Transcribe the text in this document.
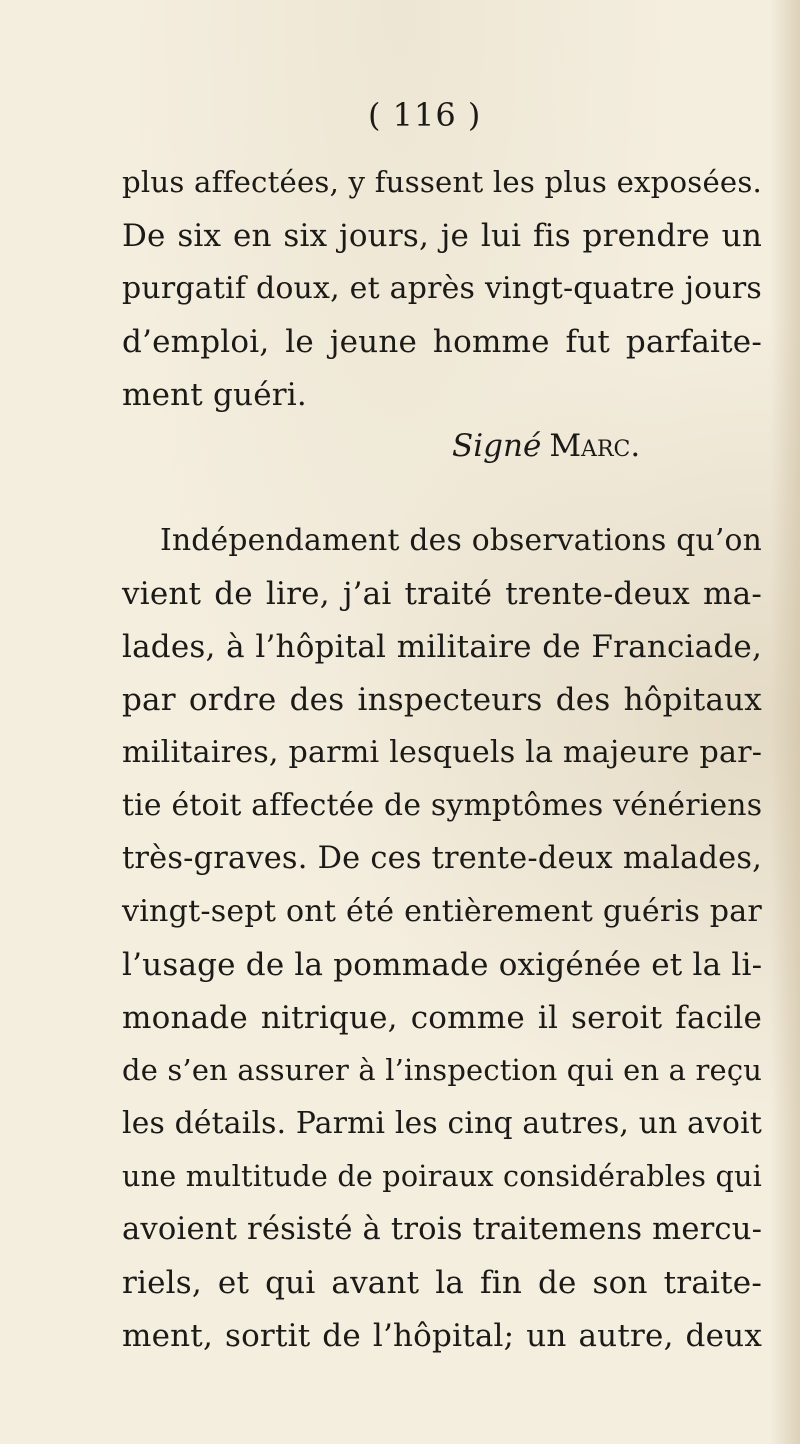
( 116 )
plus affectées, y fussent les plus exposées.
De six en six jours, je lui fis prendre un
purgatif doux, et après vingt-quatre jours
d’emploi, le jeune homme fut parfaite-
ment guéri.
Signé Marc.
Indépendament des observations qu’on
vient de lire, j’ai traité trente-deux ma-
lades, à l’hôpital militaire de Franciade,
par ordre des inspecteurs des hôpitaux
militaires, parmi lesquels la majeure par-
tie étoit affectée de symptômes vénériens
très-graves. De ces trente-deux malades,
vingt-sept ont été entièrement guéris par
l’usage de la pommade oxigénée et la li-
monade nitrique, comme il seroit facile
de s’en assurer à l’inspection qui en a reçu
les détails. Parmi les cinq autres, un avoit
une multitude de poiraux considérables qui
avoient résisté à trois traitemens mercu-
riels, et qui avant la fin de son traite-
ment, sortit de l’hôpital; un autre, deux
